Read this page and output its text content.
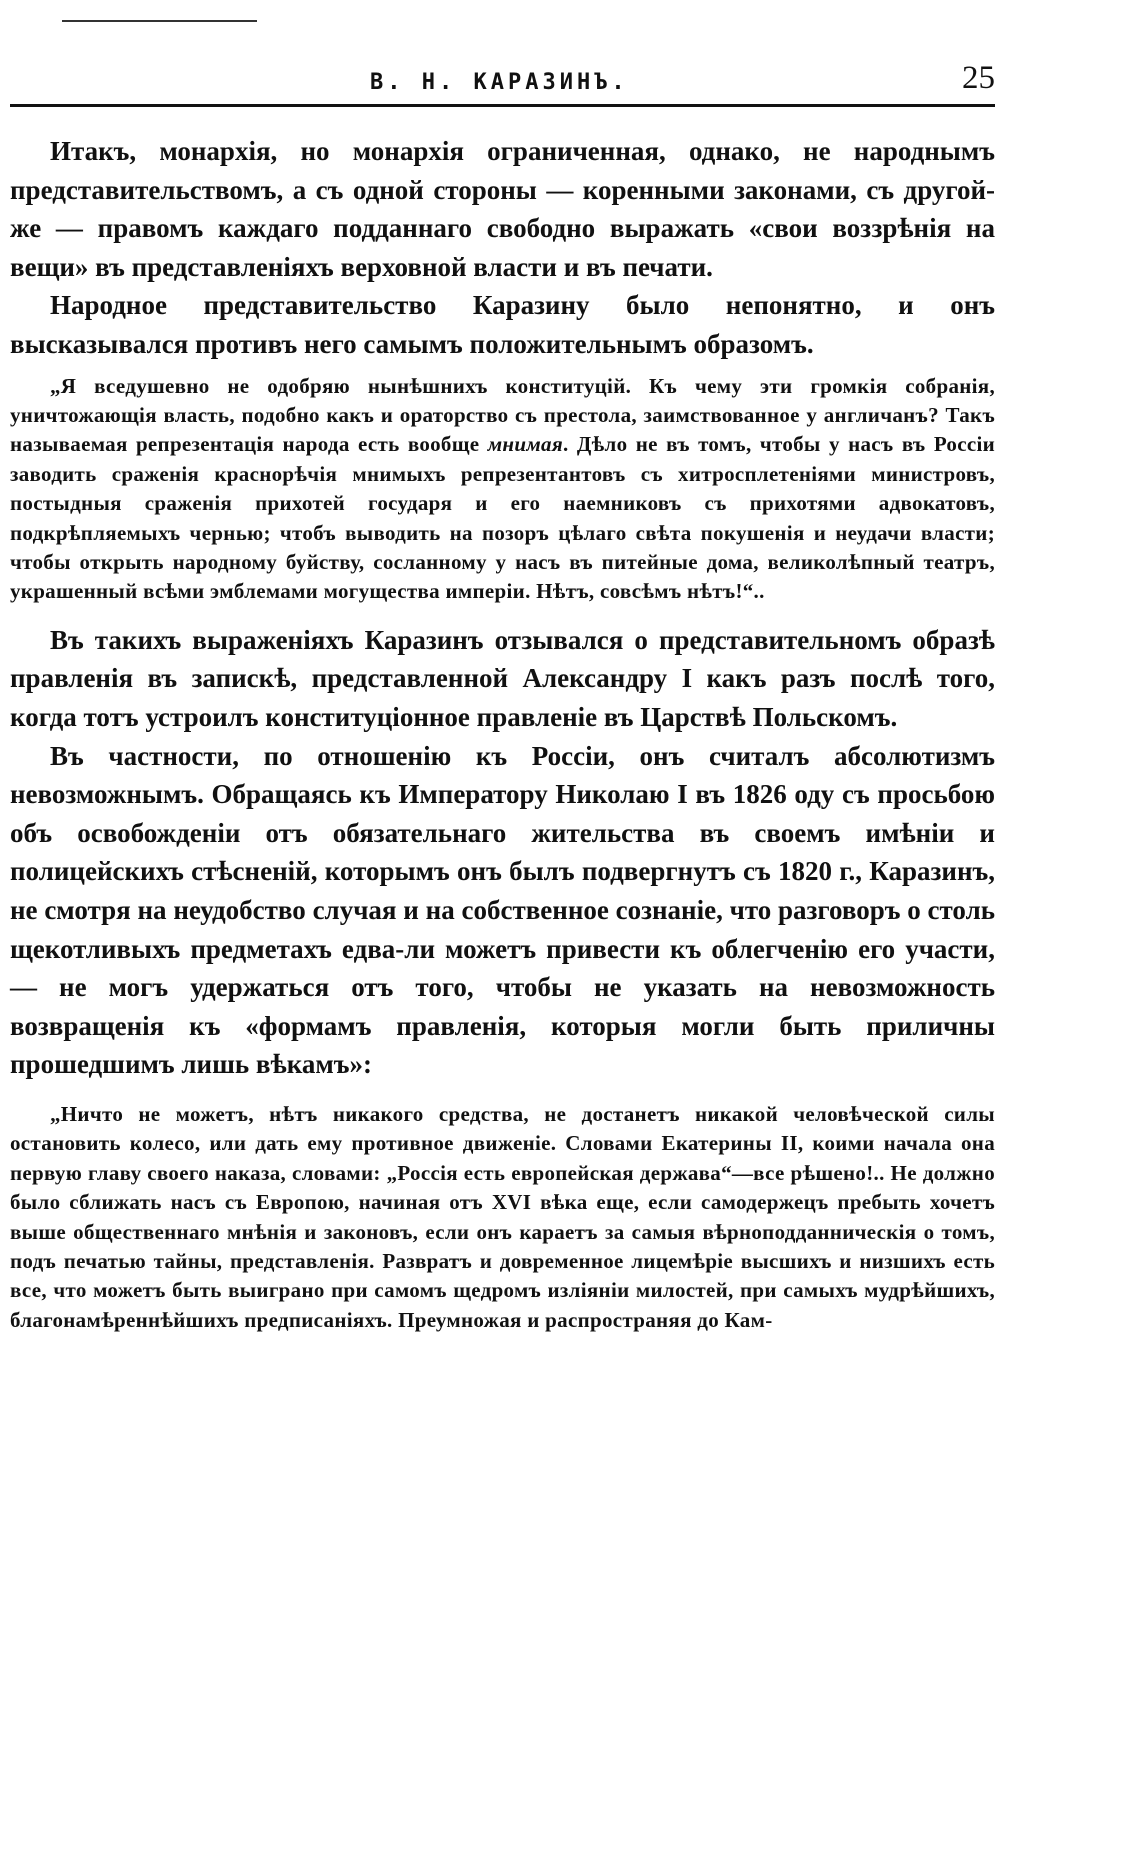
В. Н. КАРАЗИНЪ.	25

Итакъ, монархія, но монархія ограниченная, однако, не народнымъ представительствомъ, а съ одной стороны — коренными законами, съ другой-же — правомъ каждаго подданнаго свободно выражать «свои воззрѣнія на вещи» въ представленіяхъ верховной власти и въ печати.

Народное представительство Каразину было непонятно, и онъ высказывался противъ него самымъ положительнымъ образомъ.

„Я вседушевно не одобряю нынѣшнихъ конституцій. Къ чему эти громкія собранія, уничтожающія власть, подобно какъ и ораторство съ престола, заимствованное у англичанъ? Такъ называемая репрезентація народа есть вообще мнимая. Дѣло не въ томъ, чтобы у насъ въ Россіи заводить сраженія краснорѣчія мнимыхъ репрезентантовъ съ хитросплетеніями министровъ, постыдныя сраженія прихотей государя и его наемниковъ съ прихотями адвокатовъ, подкрѣпляемыхъ чернью; чтобъ выводить на позоръ цѣлаго свѣта покушенія и неудачи власти; чтобы открыть народному буйству, сосланному у насъ въ питейные дома, великолѣпный театръ, украшенный всѣми эмблемами могущества имперіи. Нѣтъ, совсѣмъ нѣтъ!“..

Въ такихъ выраженіяхъ Каразинъ отзывался о представительномъ образѣ правленія въ запискѣ, представленной Александру I какъ разъ послѣ того, когда тотъ устроилъ конституціонное правленіе въ Царствѣ Польскомъ.

Въ частности, по отношенію къ Россіи, онъ считалъ абсолютизмъ невозможнымъ. Обращаясь къ Императору Николаю I въ 1826 оду съ просьбою объ освобожденіи отъ обязательнаго жительства въ своемъ имѣніи и полицейскихъ стѣсненій, которымъ онъ былъ подвергнутъ съ 1820 г., Каразинъ, не смотря на неудобство случая и на собственное сознаніе, что разговоръ о столь щекотливыхъ предметахъ едва-ли можетъ привести къ облегченію его участи, — не могъ удержаться отъ того, чтобы не указать на невозможность возвращенія къ «формамъ правленія, которыя могли быть приличны прошедшимъ лишь вѣкамъ»:

„Ничто не можетъ, нѣтъ никакого средства, не достанетъ никакой человѣческой силы остановить колесо, или дать ему противное движеніе. Словами Екатерины II, коими начала она первую главу своего наказа, словами: „Россія есть европейская держава“—все рѣшено!.. Не должно было сближать насъ съ Европою, начиная отъ XVI вѣка еще, если самодержецъ пребыть хочетъ выше общественнаго мнѣнія и законовъ, если онъ караетъ за самыя вѣрноподданническія о томъ, подъ печатью тайны, представленія. Развратъ и довременное лицемѣріе высшихъ и низшихъ есть все, что можетъ быть выиграно при самомъ щедромъ изліяніи милостей, при самыхъ мудрѣйшихъ, благонамѣреннѣйшихъ предписаніяхъ. Преумножая и распространяя до Кам-
